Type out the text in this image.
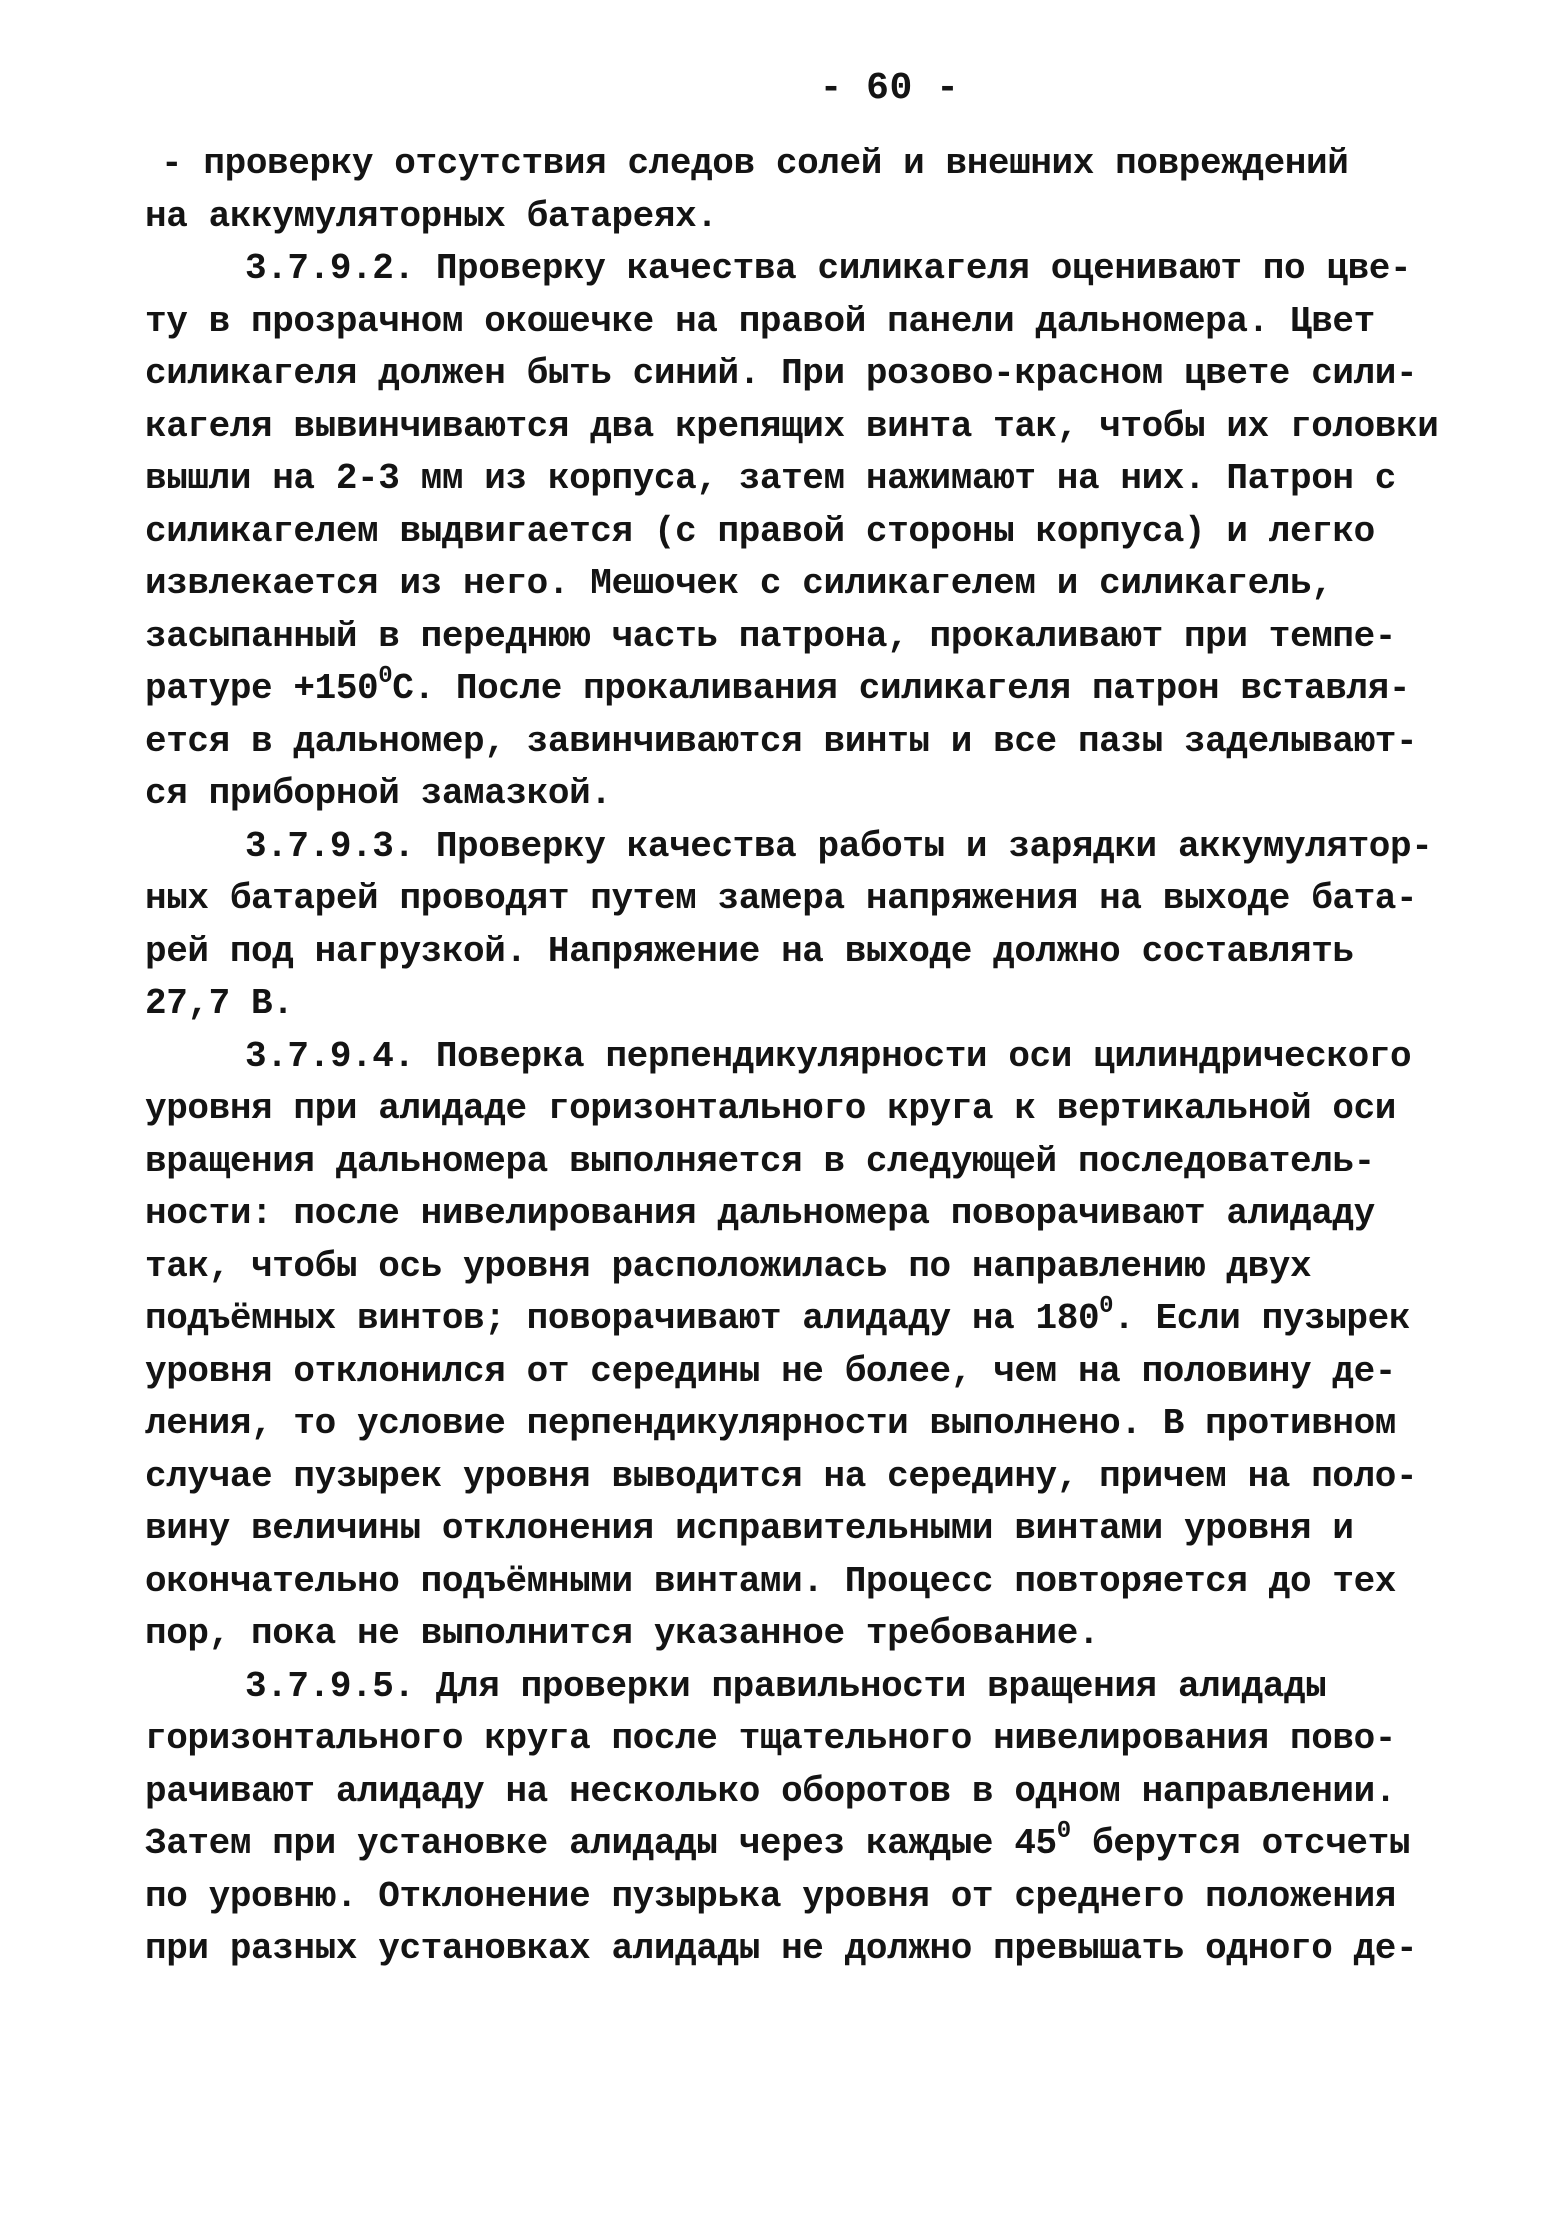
- 60 -
- проверку отсутствия следов солей и внешних повреждений
на аккумуляторных батареях.
3.7.9.2. Проверку качества силикагеля оценивают по цве-
ту в прозрачном окошечке на правой панели дальномера. Цвет
силикагеля должен быть синий. При розово-красном цвете сили-
кагеля вывинчиваются два крепящих винта так, чтобы их головки
вышли на 2-3 мм из корпуса, затем нажимают на них. Патрон с
силикагелем выдвигается (с правой стороны корпуса) и легко
извлекается из него. Мешочек с силикагелем и силикагель,
засыпанный в переднюю часть патрона, прокаливают при темпе-
ратуре $+150^0С$. После прокаливания силикагеля патрон вставля-
ется в дальномер, завинчиваются винты и все пазы заделывают-
ся приборной замазкой.
3.7.9.3. Проверку качества работы и зарядки аккумулятор-
ных батарей проводят путем замера напряжения на выходе бата-
рей под нагрузкой. Напряжение на выходе должно составлять
27,7 В.
3.7.9.4. Поверка перпендикулярности оси цилиндрического
уровня при алидаде горизонтального круга к вертикальной оси
вращения дальномера выполняется в следующей последователь-
ности: после нивелирования дальномера поворачивают алидаду
так, чтобы ось уровня расположилась по направлению двух
подъёмных винтов; поворачивают алидаду на $180^0$. Если пузырек
уровня отклонился от середины не более, чем на половину де-
ления, то условие перпендикулярности выполнено. В противном
случае пузырек уровня выводится на середину, причем на поло-
вину величины отклонения исправительными винтами уровня и
окончательно подъёмными винтами. Процесс повторяется до тех
пор, пока не выполнится указанное требование.
3.7.9.5. Для проверки правильности вращения алидады
горизонтального круга после тщательного нивелирования пово-
рачивают алидаду на несколько оборотов в одном направлении.
Затем при установке алидады через каждые $45^0$ берутся отсчеты
по уровню. Отклонение пузырька уровня от среднего положения
при разных установках алидады не должно превышать одного де-
